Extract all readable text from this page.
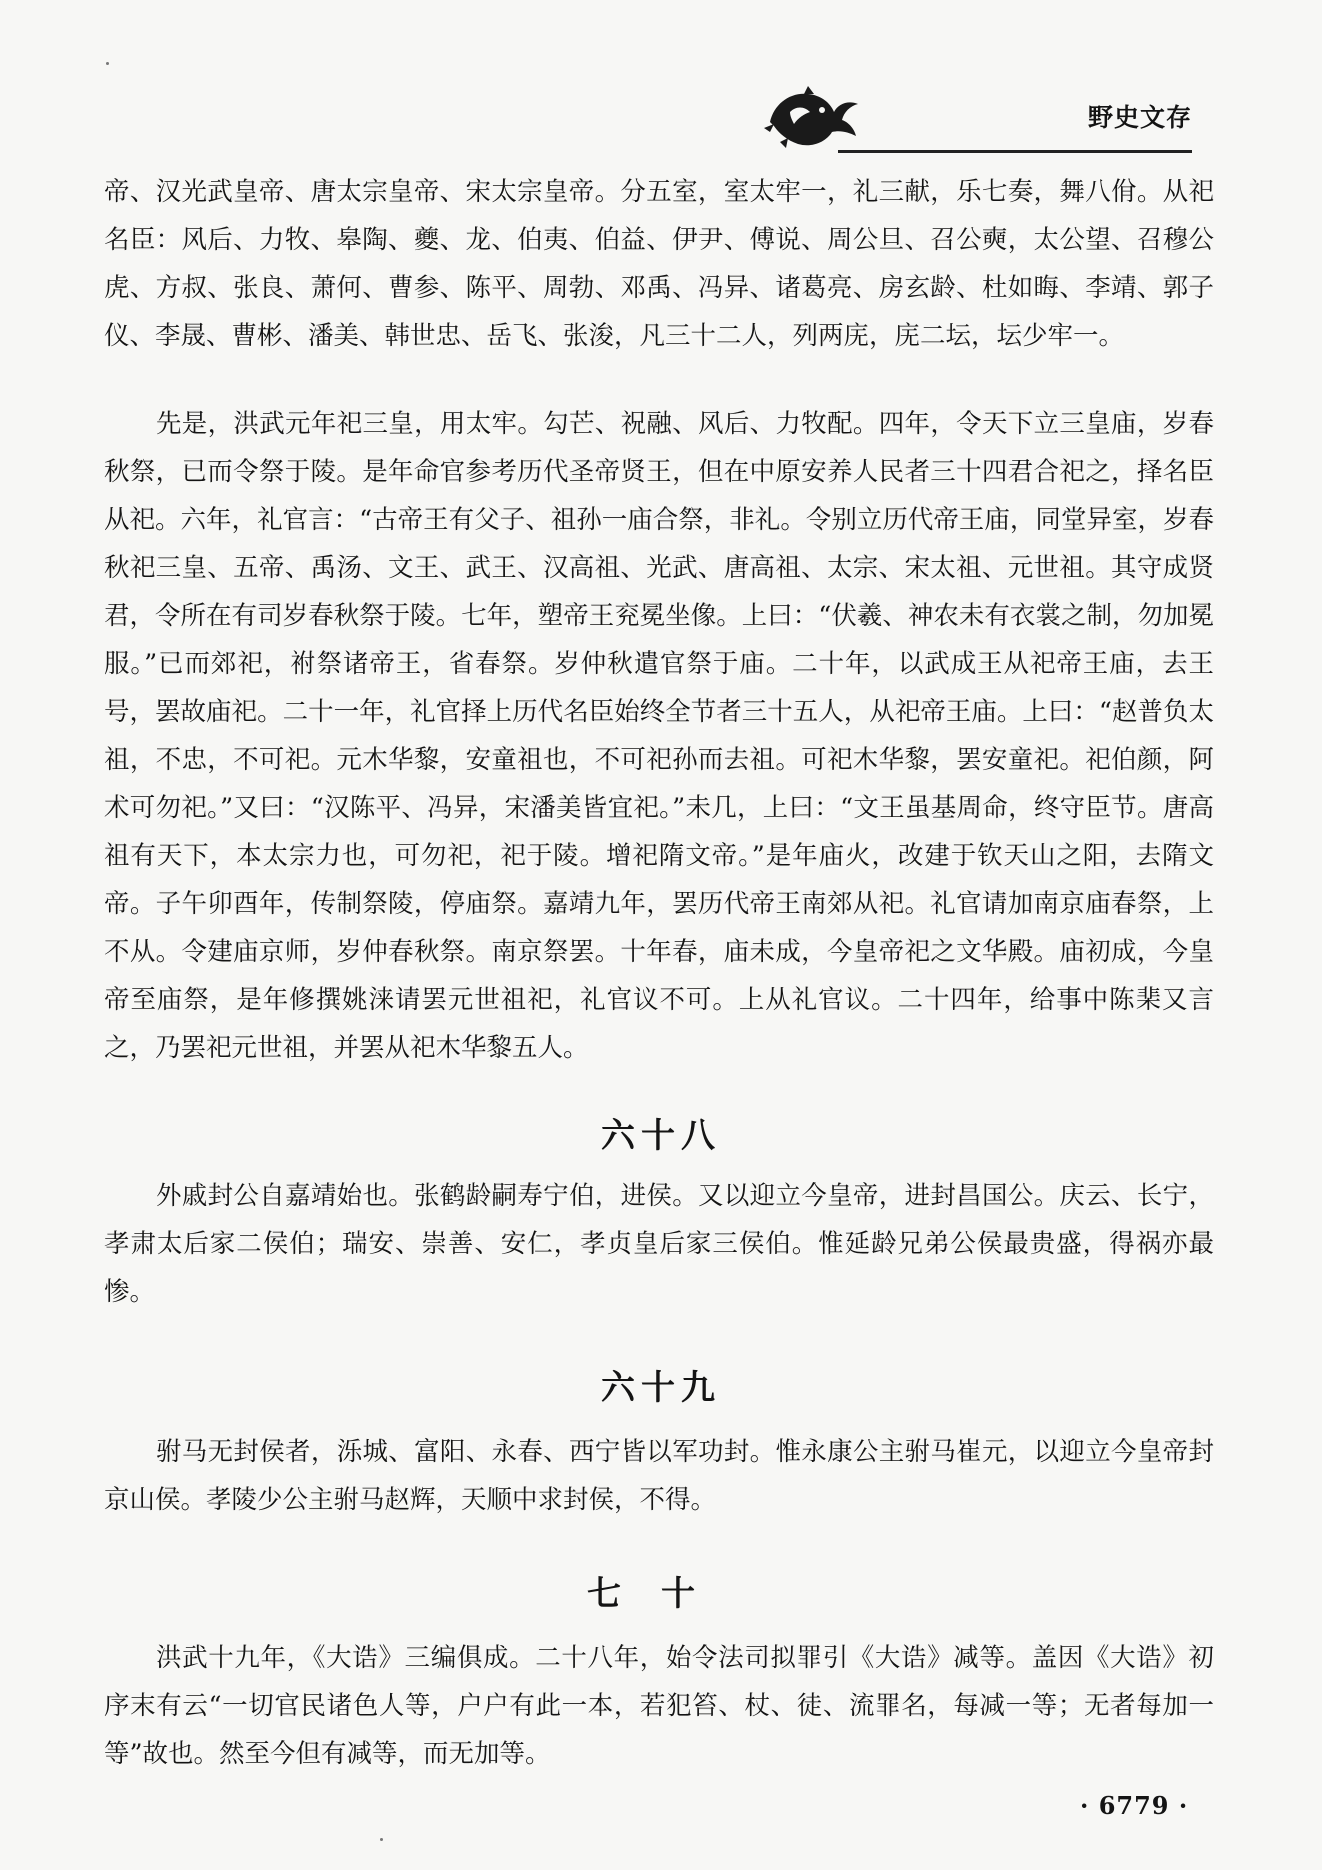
野史文存

帝、汉光武皇帝、唐太宗皇帝、宋太宗皇帝。分五室，室太牢一，礼三献，乐七奏，舞八佾。从祀名臣：风后、力牧、皋陶、夔、龙、伯夷、伯益、伊尹、傅说、周公旦、召公奭，太公望、召穆公虎、方叔、张良、萧何、曹参、陈平、周勃、邓禹、冯异、诸葛亮、房玄龄、杜如晦、李靖、郭子仪、李晟、曹彬、潘美、韩世忠、岳飞、张浚，凡三十二人，列两庑，庑二坛，坛少牢一。

先是，洪武元年祀三皇，用太牢。勾芒、祝融、风后、力牧配。四年，令天下立三皇庙，岁春秋祭，已而令祭于陵。是年命官参考历代圣帝贤王，但在中原安养人民者三十四君合祀之，择名臣从祀。六年，礼官言：“古帝王有父子、祖孙一庙合祭，非礼。令别立历代帝王庙，同堂异室，岁春秋祀三皇、五帝、禹汤、文王、武王、汉高祖、光武、唐高祖、太宗、宋太祖、元世祖。其守成贤君，令所在有司岁春秋祭于陵。七年，塑帝王兖冕坐像。上曰：“伏羲、神农未有衣裳之制，勿加冕服。”已而郊祀，祔祭诸帝王，省春祭。岁仲秋遣官祭于庙。二十年，以武成王从祀帝王庙，去王号，罢故庙祀。二十一年，礼官择上历代名臣始终全节者三十五人，从祀帝王庙。上曰：“赵普负太祖，不忠，不可祀。元木华黎，安童祖也，不可祀孙而去祖。可祀木华黎，罢安童祀。祀伯颜，阿术可勿祀。”又曰：“汉陈平、冯异，宋潘美皆宜祀。”未几，上曰：“文王虽基周命，终守臣节。唐高祖有天下，本太宗力也，可勿祀，祀于陵。增祀隋文帝。”是年庙火，改建于钦天山之阳，去隋文帝。子午卯酉年，传制祭陵，停庙祭。嘉靖九年，罢历代帝王南郊从祀。礼官请加南京庙春祭，上不从。令建庙京师，岁仲春秋祭。南京祭罢。十年春，庙未成，今皇帝祀之文华殿。庙初成，今皇帝至庙祭，是年修撰姚涞请罢元世祖祀，礼官议不可。上从礼官议。二十四年，给事中陈棐又言之，乃罢祀元世祖，并罢从祀木华黎五人。

六十八

外戚封公自嘉靖始也。张鹤龄嗣寿宁伯，进侯。又以迎立今皇帝，进封昌国公。庆云、长宁，孝肃太后家二侯伯；瑞安、崇善、安仁，孝贞皇后家三侯伯。惟延龄兄弟公侯最贵盛，得祸亦最惨。

六十九

驸马无封侯者，泺城、富阳、永春、西宁皆以军功封。惟永康公主驸马崔元，以迎立今皇帝封京山侯。孝陵少公主驸马赵辉，天顺中求封侯，不得。

七十

洪武十九年，《大诰》三编俱成。二十八年，始令法司拟罪引《大诰》减等。盖因《大诰》初序末有云“一切官民诸色人等，户户有此一本，若犯笞、杖、徒、流罪名，每减一等；无者每加一等”故也。然至今但有减等，而无加等。

· 6779 ·
